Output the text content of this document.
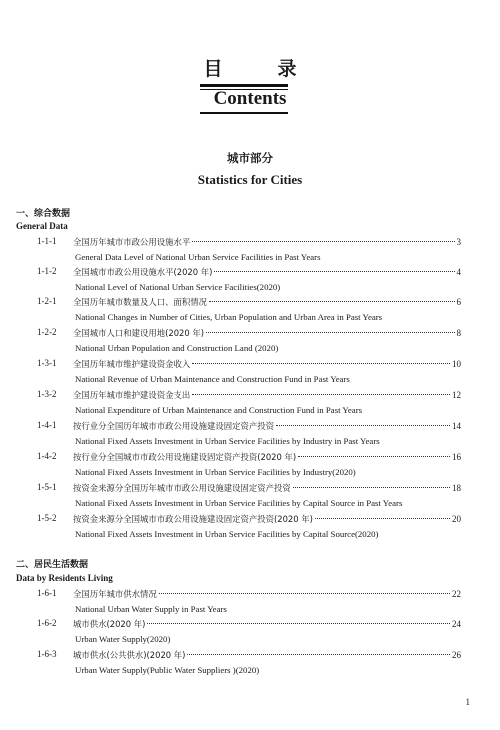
目　录
Contents
城市部分
Statistics for Cities
一、综合数据
General Data
1-1-1 全国历年城市市政公用设施水平	3
General Data Level of National Urban Service Facilities in Past Years
1-1-2 全国城市市政公用设施水平(2020 年)	4
National Level of National Urban Service Facilities(2020)
1-2-1 全国历年城市数量及人口、面积情况	6
National Changes in Number of Cities, Urban Population and Urban Area in Past Years
1-2-2 全国城市人口和建设用地(2020 年)	8
National Urban Population and Construction Land (2020)
1-3-1 全国历年城市维护建设资金收入	10
National Revenue of Urban Maintenance and Construction Fund in Past Years
1-3-2 全国历年城市维护建设资金支出	12
National Expenditure of Urban Maintenance and Construction Fund in Past Years
1-4-1 按行业分全国历年城市市政公用设施建设固定资产投资	14
National Fixed Assets Investment in Urban Service Facilities by Industry in Past Years
1-4-2 按行业分全国城市市政公用设施建设固定资产投资(2020 年)	16
National Fixed Assets Investment in Urban Service Facilities by Industry(2020)
1-5-1 按资金来源分全国历年城市市政公用设施建设固定资产投资	18
National Fixed Assets Investment in Urban Service Facilities by Capital Source in Past Years
1-5-2 按资金来源分全国城市市政公用设施建设固定资产投资(2020 年)	20
National Fixed Assets Investment in Urban Service Facilities by Capital Source(2020)
二、居民生活数据
Data by Residents Living
1-6-1 全国历年城市供水情况	22
National Urban Water Supply in Past Years
1-6-2 城市供水(2020 年)	24
Urban Water Supply(2020)
1-6-3 城市供水(公共供水)(2020 年)	26
Urban Water Supply(Public Water Suppliers )(2020)
1
